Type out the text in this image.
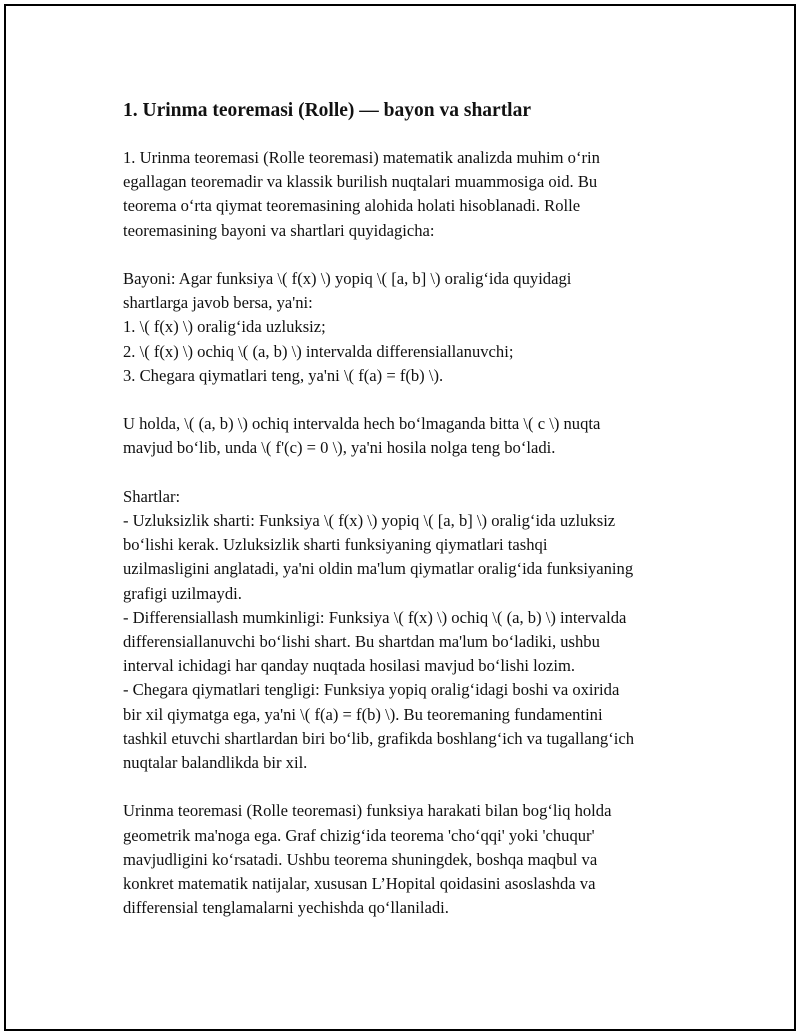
1. Urinma teoremasi (Rolle) — bayon va shartlar

1. Urinma teoremasi (Rolle teoremasi) matematik analizda muhim o‘rin
egallagan teoremadir va klassik burilish nuqtalari muammosiga oid. Bu
teorema o‘rta qiymat teoremasining alohida holati hisoblanadi. Rolle
teoremasining bayoni va shartlari quyidagicha:

Bayoni: Agar funksiya \( f(x) \) yopiq \( [a, b] \) oralig‘ida quyidagi
shartlarga javob bersa, ya'ni:
1. \( f(x) \) oralig‘ida uzluksiz;
2. \( f(x) \) ochiq \( (a, b) \) intervalda differensiallanuvchi;
3. Chegara qiymatlari teng, ya'ni \( f(a) = f(b) \).

U holda, \( (a, b) \) ochiq intervalda hech bo‘lmaganda bitta \( c \) nuqta
mavjud bo‘lib, unda \( f'(c) = 0 \), ya'ni hosila nolga teng bo‘ladi.

Shartlar:
- Uzluksizlik sharti: Funksiya \( f(x) \) yopiq \( [a, b] \) oralig‘ida uzluksiz
bo‘lishi kerak. Uzluksizlik sharti funksiyaning qiymatlari tashqi
uzilmasligini anglatadi, ya'ni oldin ma'lum qiymatlar oralig‘ida funksiyaning
grafigi uzilmaydi.
- Differensiallash mumkinligi: Funksiya \( f(x) \) ochiq \( (a, b) \) intervalda
differensiallanuvchi bo‘lishi shart. Bu shartdan ma'lum bo‘ladiki, ushbu
interval ichidagi har qanday nuqtada hosilasi mavjud bo‘lishi lozim.
- Chegara qiymatlari tengligi: Funksiya yopiq oralig‘idagi boshi va oxirida
bir xil qiymatga ega, ya'ni \( f(a) = f(b) \). Bu teoremaning fundamentini
tashkil etuvchi shartlardan biri bo‘lib, grafikda boshlang‘ich va tugallang‘ich
nuqtalar balandlikda bir xil.

Urinma teoremasi (Rolle teoremasi) funksiya harakati bilan bog‘liq holda
geometrik ma'noga ega. Graf chizig‘ida teorema 'cho‘qqi' yoki 'chuqur'
mavjudligini ko‘rsatadi. Ushbu teorema shuningdek, boshqa maqbul va
konkret matematik natijalar, xususan L’Hopital qoidasini asoslashda va
differensial tenglamalarni yechishda qo‘llaniladi.
